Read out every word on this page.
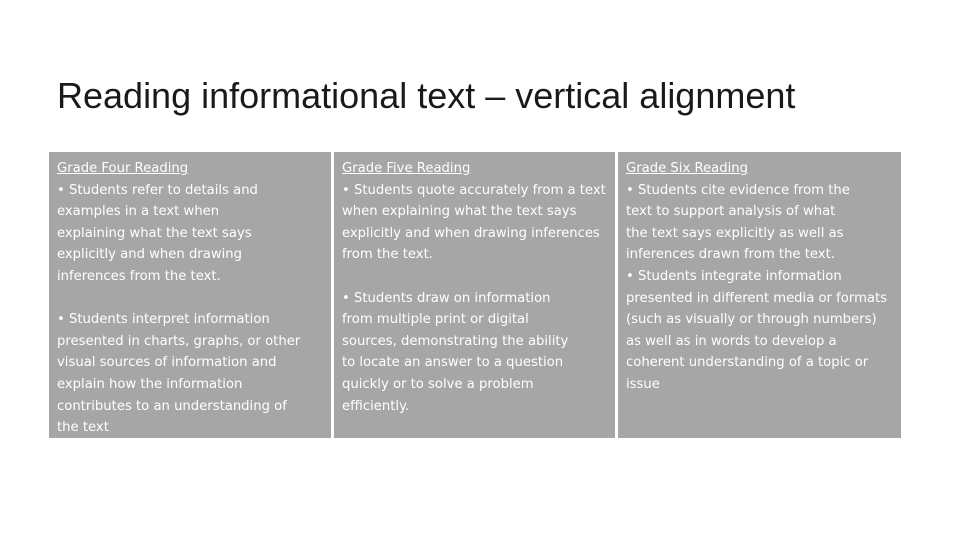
Reading informational text – vertical alignment
Grade Four Reading

• Students refer to details and examples in a text when explaining what the text says explicitly and when drawing inferences from the text.

• Students interpret information presented in charts, graphs, or other visual sources of information and explain how the information contributes to an understanding of the text

Grade Five Reading

• Students quote accurately from a text when explaining what the text says explicitly and when drawing inferences from the text.

• Students draw on information from multiple print or digital sources, demonstrating the ability to locate an answer to a question quickly or to solve a problem efficiently.

Grade Six Reading

• Students cite evidence from the text to support analysis of what the text says explicitly as well as inferences drawn from the text.

• Students integrate information presented in different media or formats (such as visually or through numbers) as well as in words to develop a coherent understanding of a topic or issue
